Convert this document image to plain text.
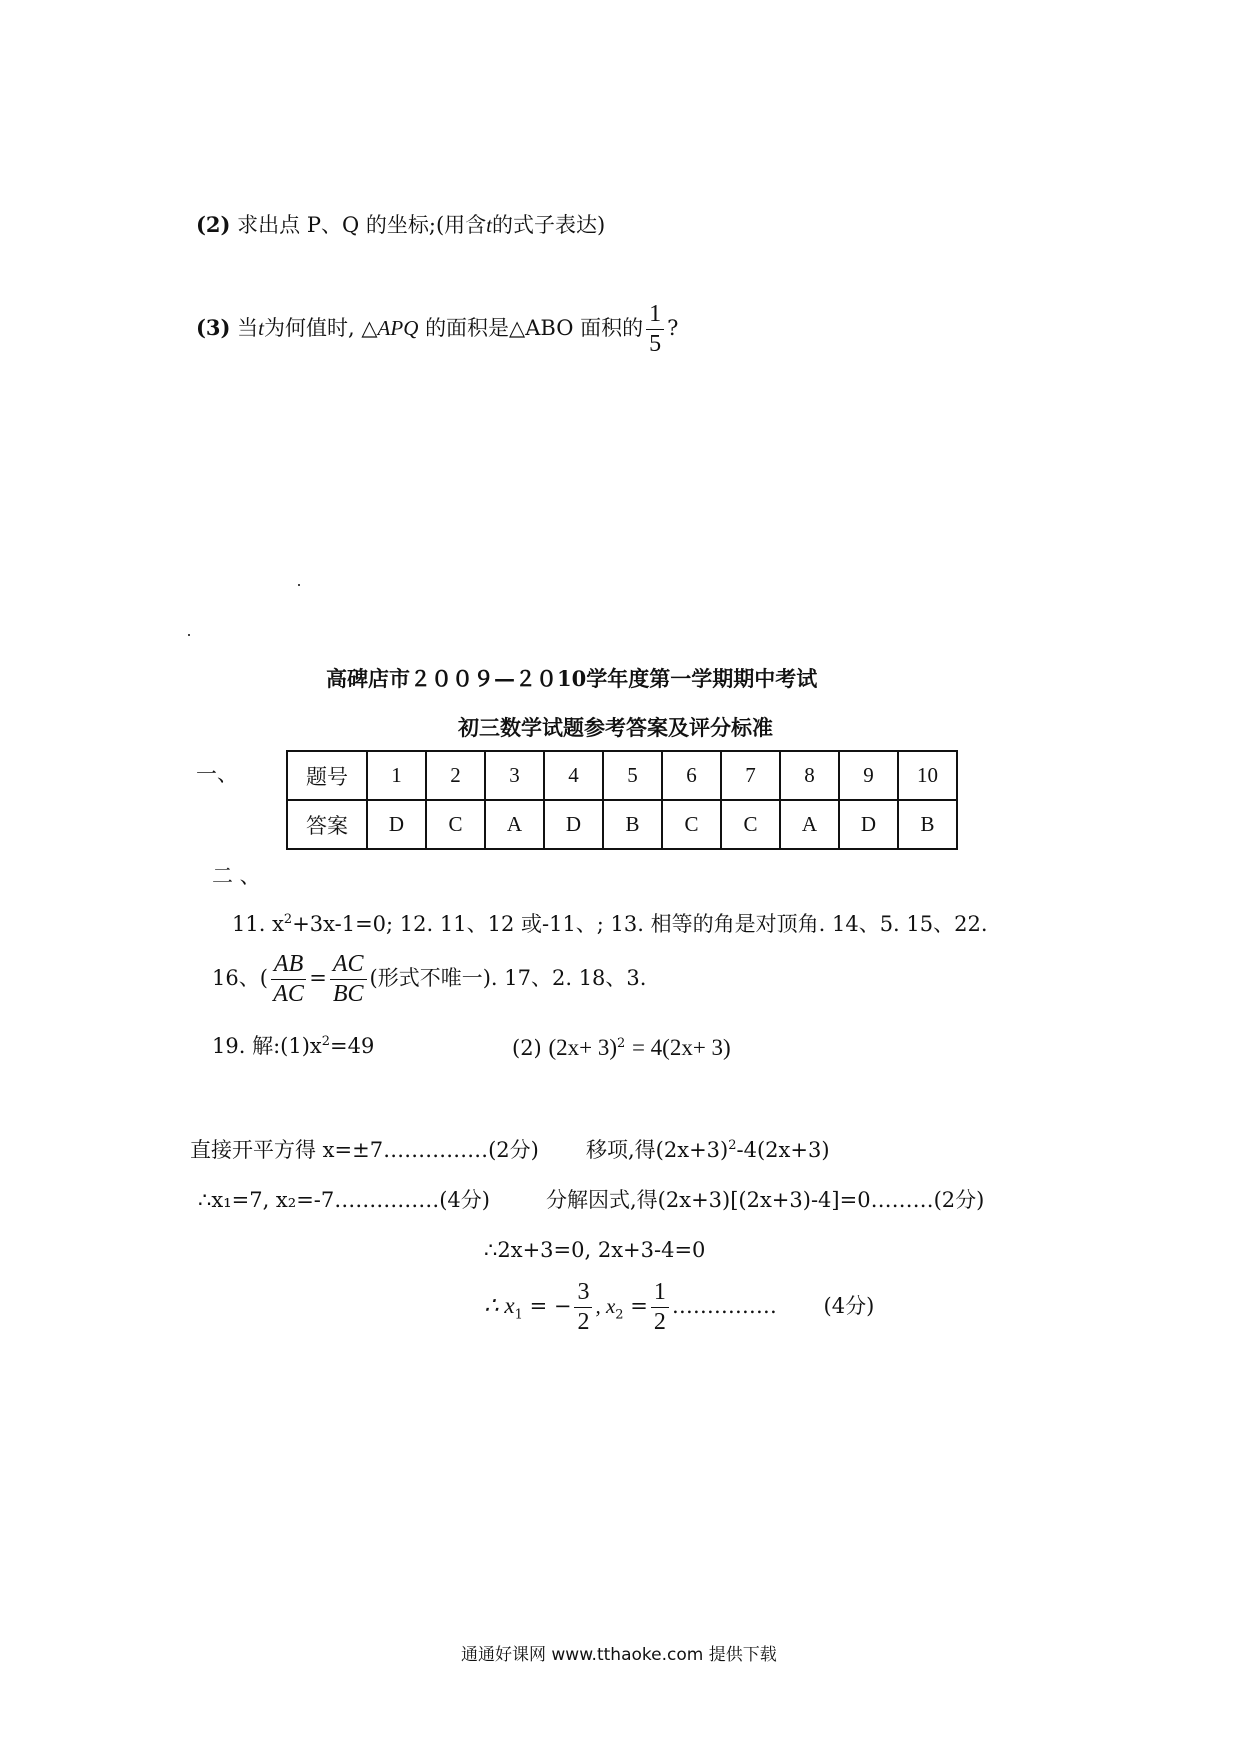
(2) 求出点 P、Q 的坐标;(用含t的式子表达)
(3) 当t为何值时, △APQ 的面积是△ABO 面积的 $\frac{1}{5}$ ?
高碑店市２００９—２０10学年度第一学期期中考试
初三数学试题参考答案及评分标准
一、	题号	1	2	3	4	5	6	7	8	9	10
答案	D	C	A	D	B	C	C	A	D	B
二 、
11. $x^2+3x-1=0$; 12. 11、12 或-11、; 13. 相等的角是对顶角. 14、5. 15、22.
16、( $\frac{AB}{AC} = \frac{AC}{BC}$ (形式不唯一). 17、2. 18、3.
19. 解$:(1)x^2=49$	(2) $(2x+ 3)^2 = 4(2x+ 3)$
直接开平方得 x=±7……………(2分) 移项,得$(2x+3)^2-4(2x+3)$
∴x₁=7, x₂=-7……………(4分)	分解因式,得(2x+3)[(2x+3)-4]=0………(2分)
∴2x+3=0, 2x+3-4=0
∴ $x_1$ = − $\frac{3}{2}$ , $x_2 = \frac{1}{2}$ …………… (4分)
通通好课网 www.tthaoke.com 提供下载
